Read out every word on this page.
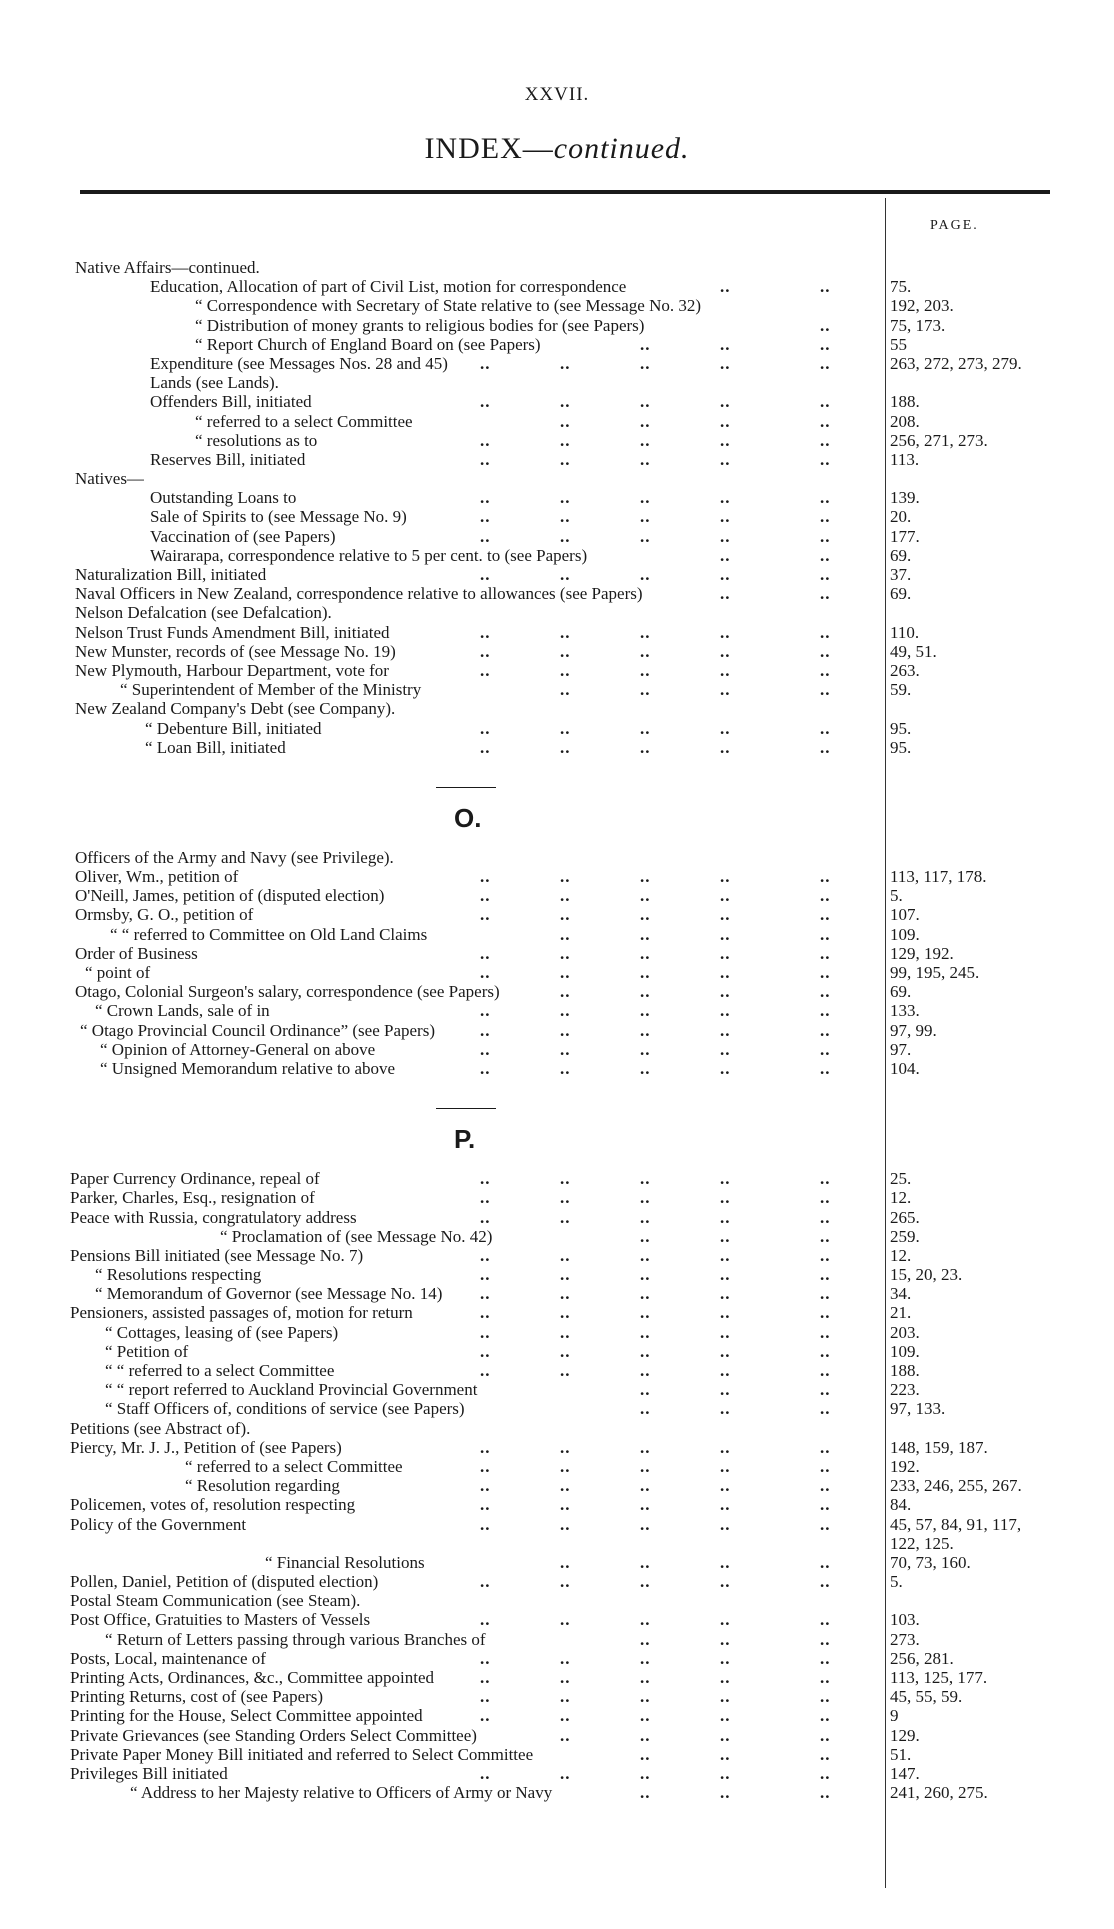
XXVII.
INDEX—continued.
PAGE.
Native Affairs—continued.
Education, Allocation of part of Civil List, motion for correspondence	..	..	75.
“ Correspondence with Secretary of State relative to (see Message No. 32)	192, 203.
“ Distribution of money grants to religious bodies for (see Papers)	..	75, 173.
“ Report Church of England Board on (see Papers)	..	..	..	55
Expenditure (see Messages Nos. 28 and 45) ..	..	..	..	..	263, 272, 273, 279.
Lands (see Lands).
Offenders Bill, initiated	..	..	..	..	..	188.
“ referred to a select Committee	..	..	..	..	208.
“ resolutions as to	..	..	..	..	..	256, 271, 273.
Reserves Bill, initiated	..	..	..	..	..	113.
Natives—
Outstanding Loans to	..	..	..	..	..	139.
Sale of Spirits to (see Message No. 9)	..	..	..	..	..	20.
Vaccination of (see Papers)	..	..	..	..	..	177.
Wairarapa, correspondence relative to 5 per cent. to (see Papers)	..	..	69.
Naturalization Bill, initiated	..	..	..	..	..	37.
Naval Officers in New Zealand, correspondence relative to allowances (see Papers)	..	..	69.
Nelson Defalcation (see Defalcation).
Nelson Trust Funds Amendment Bill, initiated	..	..	..	..	..	110.
New Munster, records of (see Message No. 19)	..	..	..	..	..	49, 51.
New Plymouth, Harbour Department, vote for	..	..	..	..	..	263.
“ Superintendent of Member of the Ministry	..	..	..	..	59.
New Zealand Company's Debt (see Company).
“ Debenture Bill, initiated	..	..	..	..	..	95.
“ Loan Bill, initiated	..	..	..	..	..	95.
O.
Officers of the Army and Navy (see Privilege).
Oliver, Wm., petition of	..	..	..	..	..	113, 117, 178.
O'Neill, James, petition of (disputed election)	..	..	..	..	..	5.
Ormsby, G. O., petition of	..	..	..	..	..	107.
“ “ referred to Committee on Old Land Claims	..	..	..	..	109.
Order of Business	..	..	..	..	..	129, 192.
“ point of	..	..	..	..	..	99, 195, 245.
Otago, Colonial Surgeon's salary, correspondence (see Papers)	..	..	..	..	69.
“ Crown Lands, sale of in	..	..	..	..	..	133.
“ Otago Provincial Council Ordinance” (see Papers)	..	..	..	..	..	97, 99.
“ Opinion of Attorney-General on above	..	..	..	..	..	97.
“ Unsigned Memorandum relative to above	..	..	..	..	..	104.
P.
Paper Currency Ordinance, repeal of	..	..	..	..	..	25.
Parker, Charles, Esq., resignation of	..	..	..	..	..	12.
Peace with Russia, congratulatory address	..	..	..	..	..	265.
“ Proclamation of (see Message No. 42)	..	..	..	259.
Pensions Bill initiated (see Message No. 7)	..	..	..	..	..	12.
“ Resolutions respecting	..	..	..	..	..	15, 20, 23.
“ Memorandum of Governor (see Message No. 14) ..	..	..	..	..	34.
Pensioners, assisted passages of, motion for return	..	..	..	..	..	21.
“ Cottages, leasing of (see Papers)	..	..	..	..	..	203.
“ Petition of	..	..	..	..	..	109.
“ “ referred to a select Committee	..	..	..	..	..	188.
“ “ report referred to Auckland Provincial Government	..	..	..	223.
“ Staff Officers of, conditions of service (see Papers)	..	..	..	97, 133.
Petitions (see Abstract of).
Piercy, Mr. J. J., Petition of (see Papers)	..	..	..	..	..	148, 159, 187.
“ referred to a select Committee	..	..	..	..	..	192.
“ Resolution regarding	..	..	..	..	..	233, 246, 255, 267.
Policemen, votes of, resolution respecting	..	..	..	..	..	84.
Policy of the Government	..	..	..	..	..	45, 57, 84, 91, 117,
122, 125.
“ Financial Resolutions	..	..	..	..	70, 73, 160.
Pollen, Daniel, Petition of (disputed election)	..	..	..	..	..	5.
Postal Steam Communication (see Steam).
Post Office, Gratuities to Masters of Vessels	..	..	..	..	..	103.
“ Return of Letters passing through various Branches of	..	..	..	273.
Posts, Local, maintenance of	..	..	..	..	..	256, 281.
Printing Acts, Ordinances, &c., Committee appointed	..	..	..	..	..	113, 125, 177.
Printing Returns, cost of (see Papers)	..	..	..	..	..	45, 55, 59.
Printing for the House, Select Committee appointed	..	..	..	..	..	9
Private Grievances (see Standing Orders Select Committee)	..	..	..	..	129.
Private Paper Money Bill initiated and referred to Select Committee	..	..	..	51.
Privileges Bill initiated	..	..	..	..	..	147.
“ Address to her Majesty relative to Officers of Army or Navy	..	..	..	241, 260, 275.
